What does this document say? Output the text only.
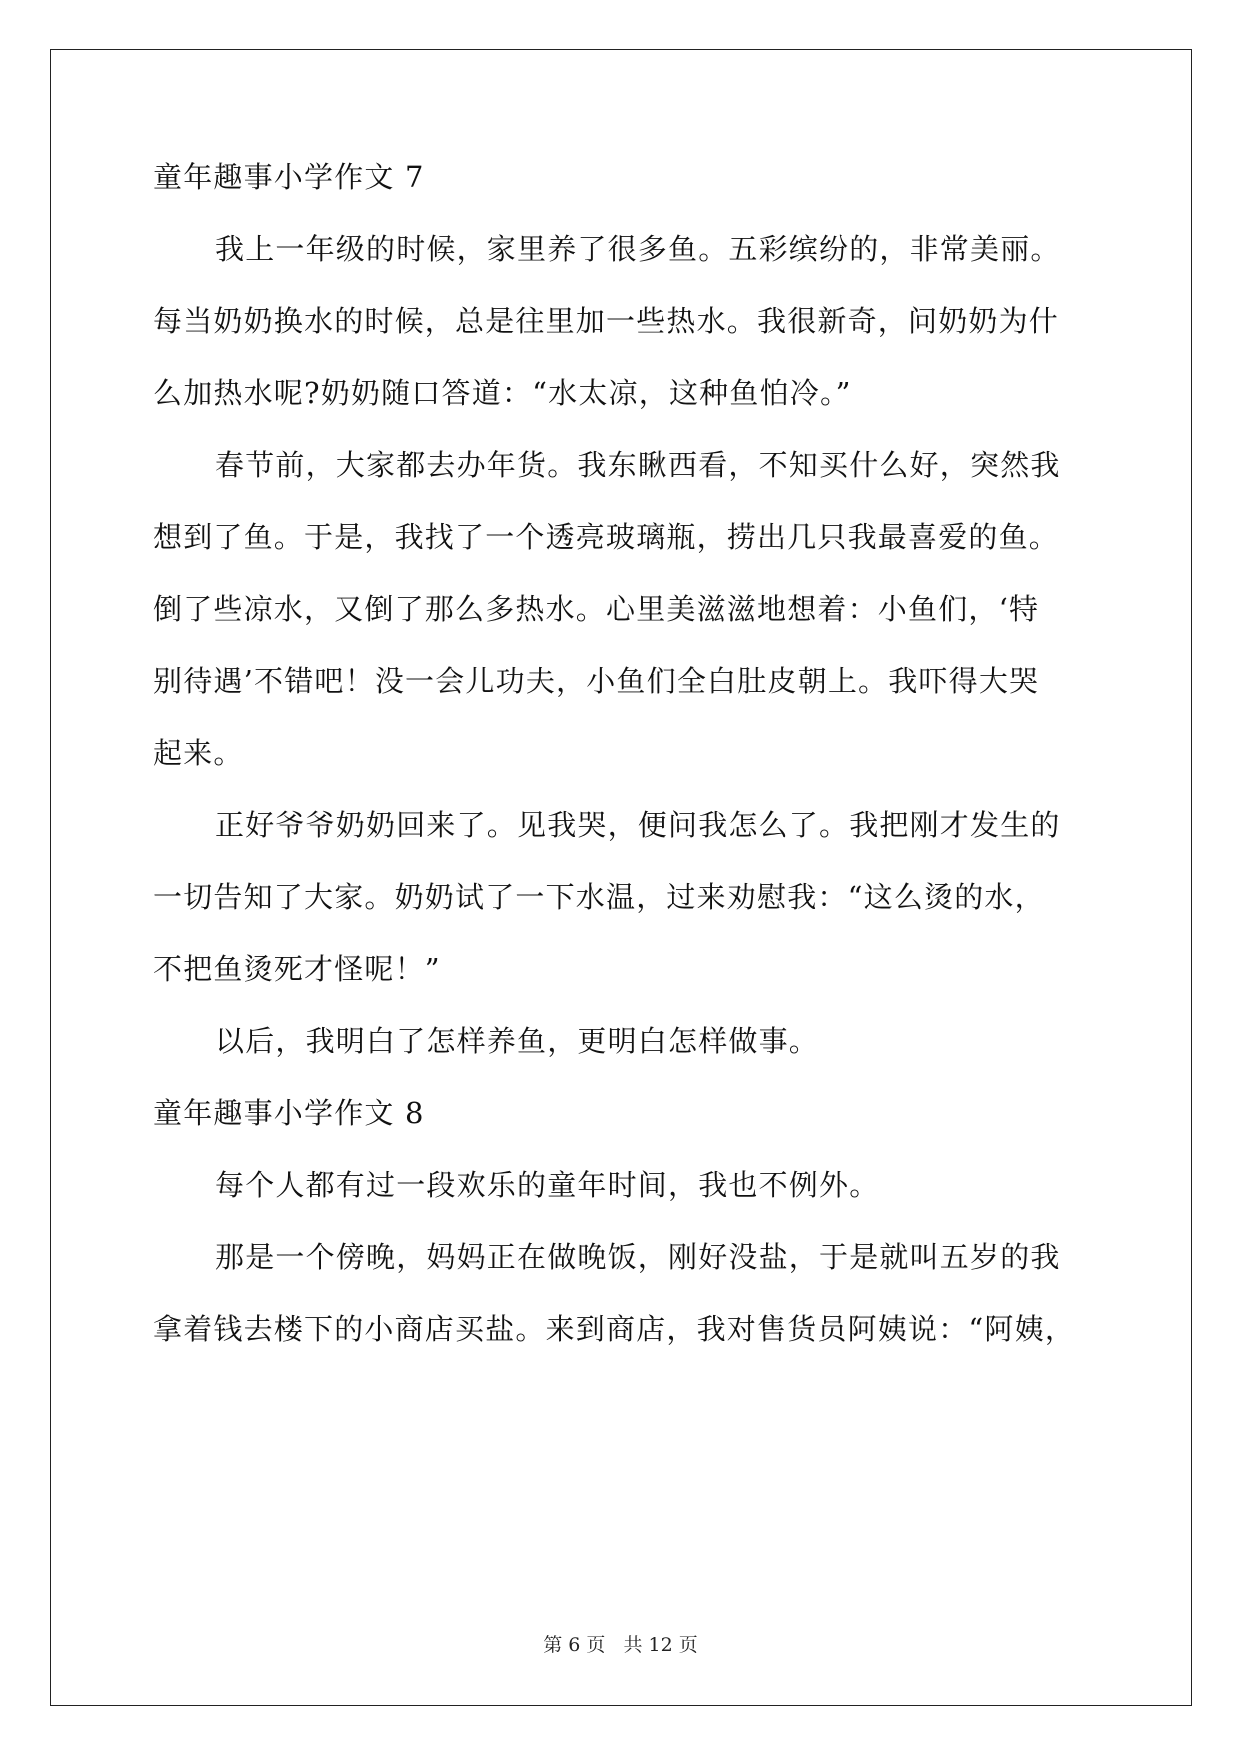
童年趣事小学作文 7
我上一年级的时候，家里养了很多鱼。五彩缤纷的，非常美丽。
每当奶奶换水的时候，总是往里加一些热水。我很新奇，问奶奶为什
么加热水呢?奶奶随口答道：“水太凉，这种鱼怕冷。”
春节前，大家都去办年货。我东瞅西看，不知买什么好，突然我
想到了鱼。于是，我找了一个透亮玻璃瓶，捞出几只我最喜爱的鱼。
倒了些凉水，又倒了那么多热水。心里美滋滋地想着：小鱼们，‘特
别待遇’不错吧！没一会儿功夫，小鱼们全白肚皮朝上。我吓得大哭
起来。
正好爷爷奶奶回来了。见我哭，便问我怎么了。我把刚才发生的
一切告知了大家。奶奶试了一下水温，过来劝慰我：“这么烫的水，
不把鱼烫死才怪呢！”
以后，我明白了怎样养鱼，更明白怎样做事。
童年趣事小学作文 8
每个人都有过一段欢乐的童年时间，我也不例外。
那是一个傍晚，妈妈正在做晚饭，刚好没盐，于是就叫五岁的我
拿着钱去楼下的小商店买盐。来到商店，我对售货员阿姨说：“阿姨，
第 6 页 共 12 页
